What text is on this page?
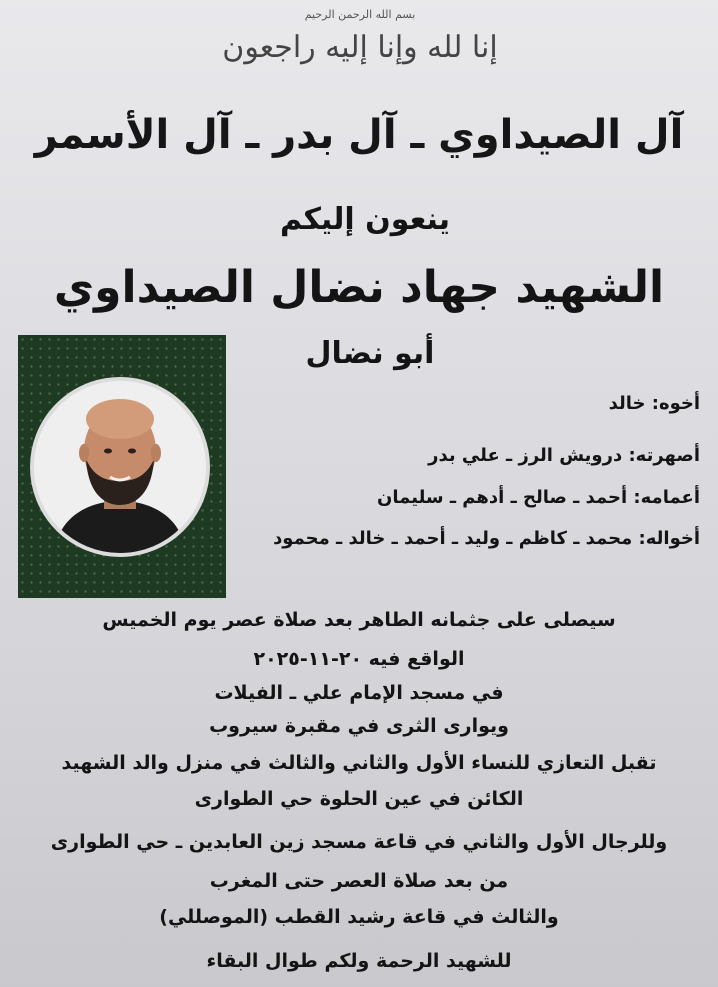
بسم الله الرحمن الرحيم
إنا لله وإنا إليه راجعون
آل الصيداوي ـ آل بدر ـ آل الأسمر
ينعون إليكم
الشهيد جهاد نضال الصيداوي
أبو نضال
أخوه: خالد
أصهرته: درويش الرز ـ علي بدر
أعمامه: أحمد ـ صالح ـ أدهم ـ سليمان
أخواله: محمد ـ كاظم ـ وليد ـ أحمد ـ خالد ـ محمود
سيصلى على جثمانه الطاهر بعد صلاة عصر يوم الخميس
الواقع فيه ٢٠-١١-٢٠٢٥
في مسجد الإمام علي ـ الفيلات
ويوارى الثرى في مقبرة سيروب
تقبل التعازي للنساء الأول والثاني والثالث في منزل والد الشهيد
الكائن في عين الحلوة حي الطوارى
وللرجال الأول والثاني في قاعة مسجد زين العابدين ـ حي الطوارى
من بعد صلاة العصر حتى المغرب
والثالث في قاعة رشيد القطب (الموصللي)
للشهيد الرحمة ولكم طوال البقاء
